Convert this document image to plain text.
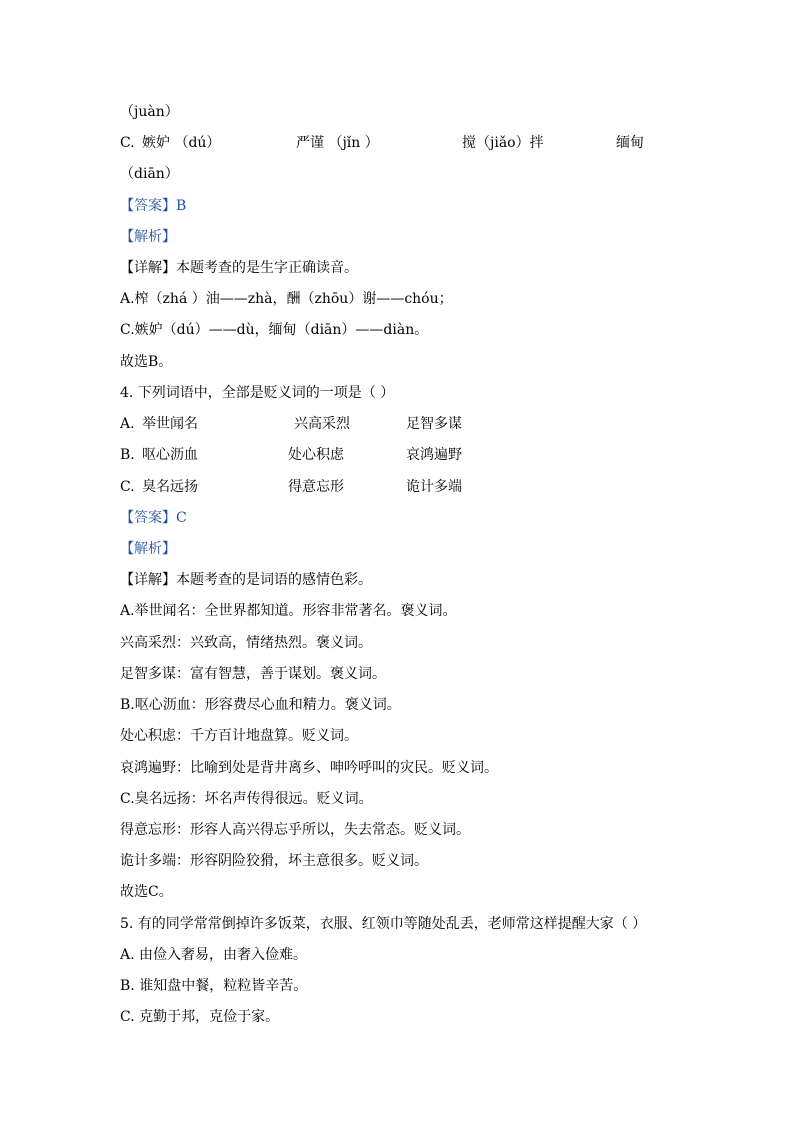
（juàn）
C. 嫉妒 （dú）	严谨 （jǐn ）	搅（jiǎo）拌	缅甸
（diān）
【答案】B
【解析】
【详解】本题考查的是生字正确读音。
A.榨（zhá ）油——zhà，酬（zhōu）谢——chóu；
C.嫉妒（dú）——dù，缅甸（diān）——diàn。
故选B。
4. 下列词语中，全部是贬义词的一项是（ ）
A. 举世闻名	兴高采烈	足智多谋
B. 呕心沥血	处心积虑	哀鸿遍野
C. 臭名远扬	得意忘形	诡计多端
【答案】C
【解析】
【详解】本题考查的是词语的感情色彩。
A.举世闻名：全世界都知道。形容非常著名。褒义词。
兴高采烈：兴致高，情绪热烈。褒义词。
足智多谋：富有智慧，善于谋划。褒义词。
B.呕心沥血：形容费尽心血和精力。褒义词。
处心积虑：千方百计地盘算。贬义词。
哀鸿遍野：比喻到处是背井离乡、呻吟呼叫的灾民。贬义词。
C.臭名远扬：坏名声传得很远。贬义词。
得意忘形：形容人高兴得忘乎所以，失去常态。贬义词。
诡计多端：形容阴险狡猾，坏主意很多。贬义词。
故选C。
5. 有的同学常常倒掉许多饭菜，衣服、红领巾等随处乱丢，老师常这样提醒大家（ ）
A. 由俭入奢易，由奢入俭难。
B. 谁知盘中餐，粒粒皆辛苦。
C. 克勤于邦，克俭于家。
